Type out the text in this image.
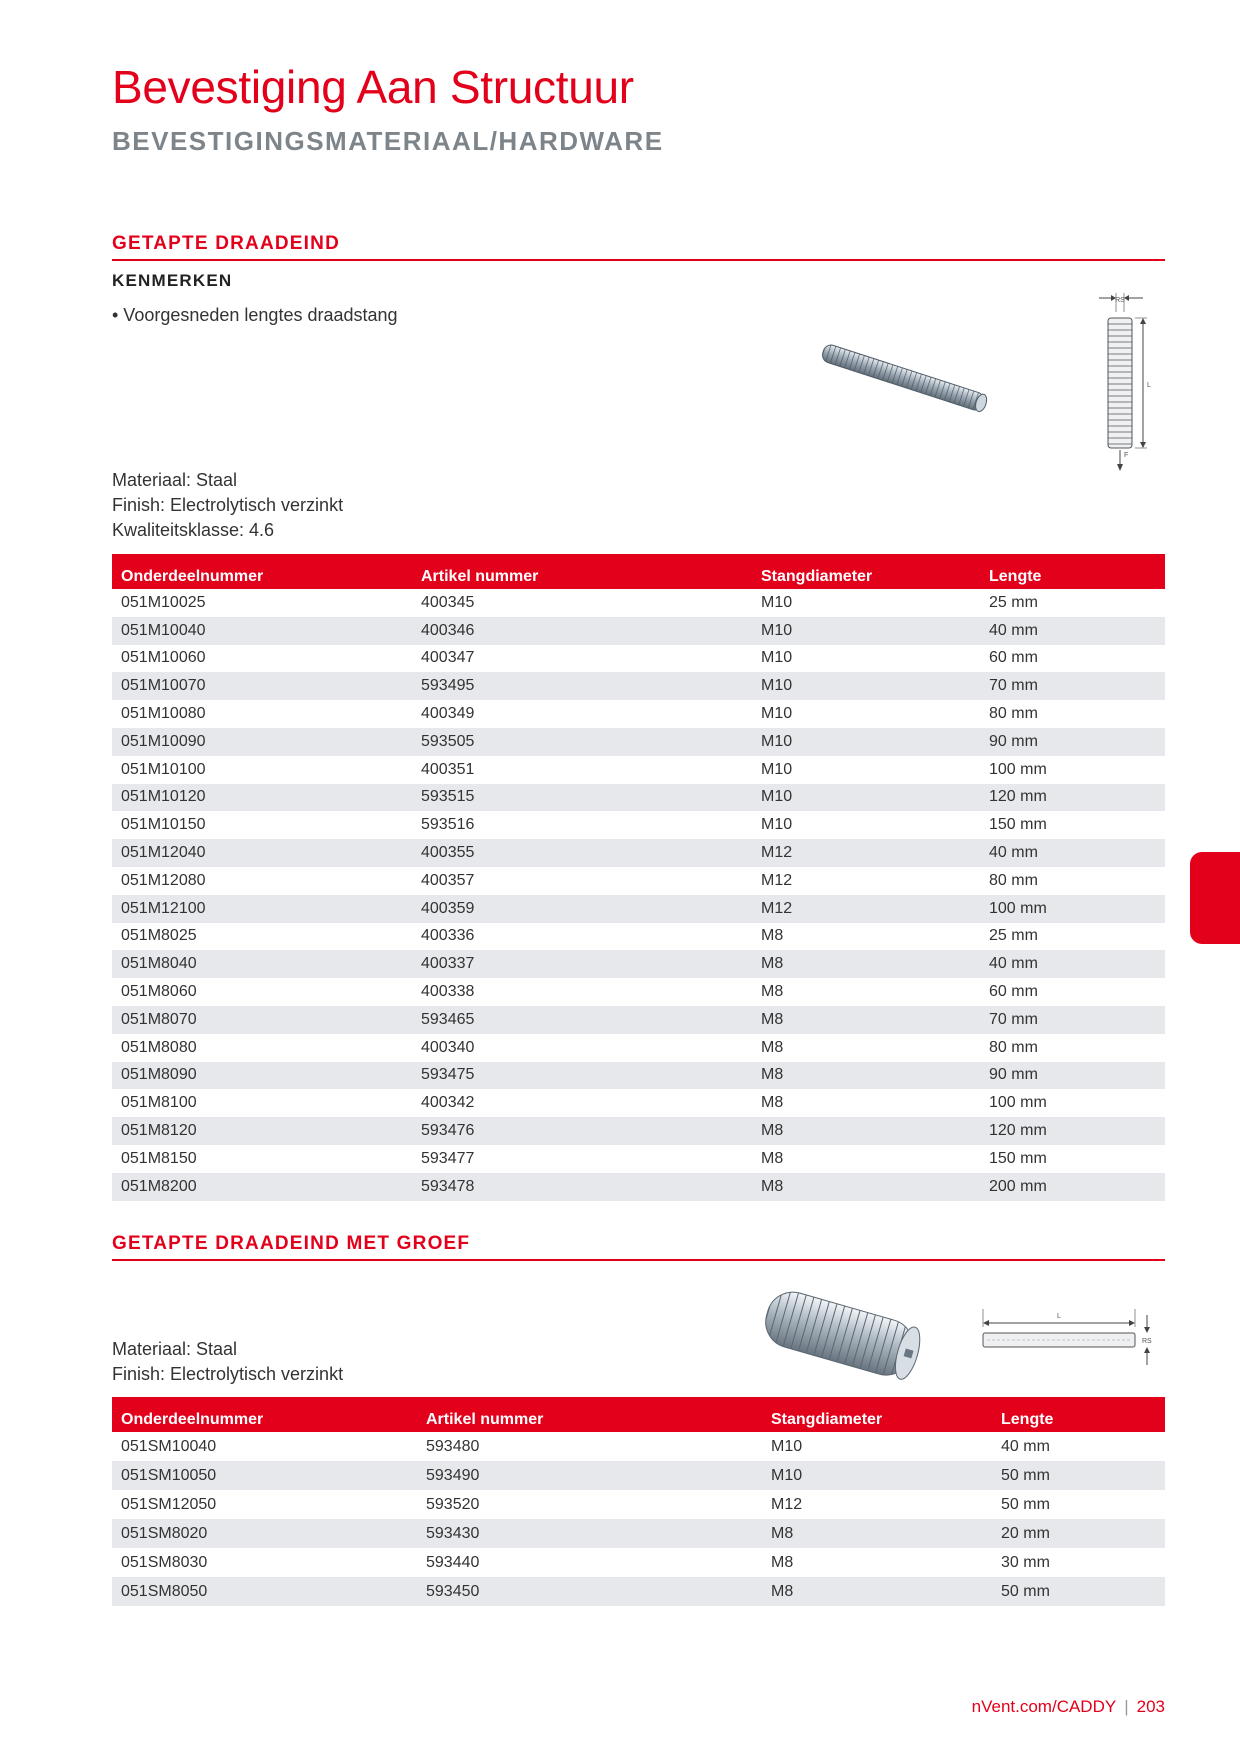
Bevestiging Aan Structuur
BEVESTIGINGSMATERIAAL/HARDWARE
GETAPTE DRAADEIND
KENMERKEN
• Voorgesneden lengtes draadstang
RS
L
F
Materiaal: Staal
Finish: Electrolytisch verzinkt
Kwaliteitsklasse: 4.6
Onderdeelnummer	Artikel nummer	Stangdiameter	Lengte
051M10025	400345	M10	25 mm
051M10040	400346	M10	40 mm
051M10060	400347	M10	60 mm
051M10070	593495	M10	70 mm
051M10080	400349	M10	80 mm
051M10090	593505	M10	90 mm
051M10100	400351	M10	100 mm
051M10120	593515	M10	120 mm
051M10150	593516	M10	150 mm
051M12040	400355	M12	40 mm
051M12080	400357	M12	80 mm
051M12100	400359	M12	100 mm
051M8025	400336	M8	25 mm
051M8040	400337	M8	40 mm
051M8060	400338	M8	60 mm
051M8070	593465	M8	70 mm
051M8080	400340	M8	80 mm
051M8090	593475	M8	90 mm
051M8100	400342	M8	100 mm
051M8120	593476	M8	120 mm
051M8150	593477	M8	150 mm
051M8200	593478	M8	200 mm
GETAPTE DRAADEIND MET GROEF
L
RS
Materiaal: Staal
Finish: Electrolytisch verzinkt
Onderdeelnummer	Artikel nummer	Stangdiameter	Lengte
051SM10040	593480	M10	40 mm
051SM10050	593490	M10	50 mm
051SM12050	593520	M12	50 mm
051SM8020	593430	M8	20 mm
051SM8030	593440	M8	30 mm
051SM8050	593450	M8	50 mm
nVent.com/CADDY | 203
